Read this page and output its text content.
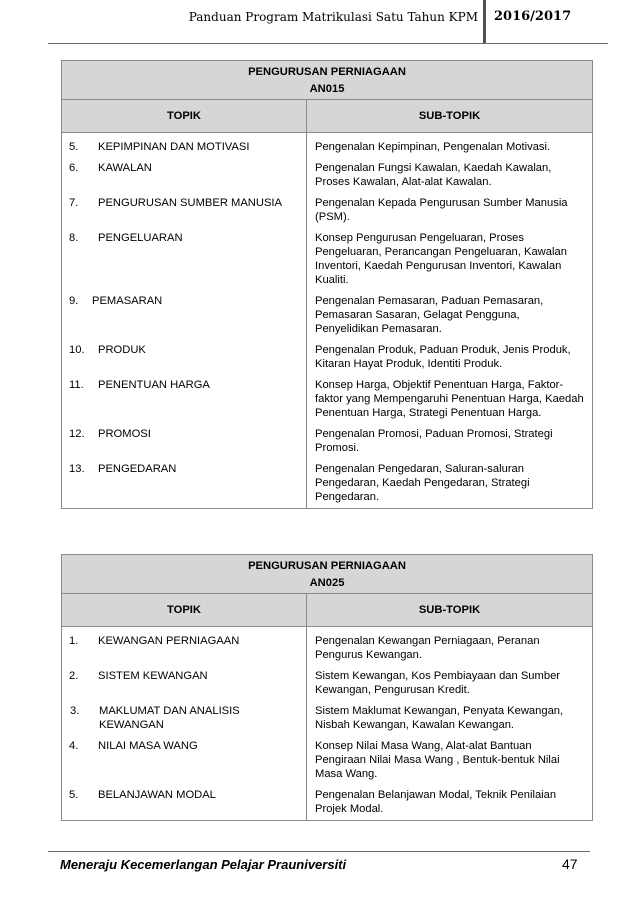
Panduan Program Matrikulasi Satu Tahun KPM 2016/2017
PENGURUSAN PERNIAGAAN	
AN015	
TOPIK	SUB-TOPIK
5. KEPIMPINAN DAN MOTIVASI	Pengenalan Kepimpinan, Pengenalan Motivasi.
6. KAWALAN	Pengenalan Fungsi Kawalan, Kaedah Kawalan, Proses Kawalan, Alat-alat Kawalan.
7. PENGURUSAN SUMBER MANUSIA	Pengenalan Kepada Pengurusan Sumber Manusia (PSM).
8. PENGELUARAN	Konsep Pengurusan Pengeluaran, Proses Pengeluaran, Perancangan Pengeluaran, Kawalan Inventori, Kaedah Pengurusan Inventori, Kawalan Kualiti.
9. PEMASARAN	Pengenalan Pemasaran, Paduan Pemasaran, Pemasaran Sasaran, Gelagat Pengguna, Penyelidikan Pemasaran.
10. PRODUK	Pengenalan Produk, Paduan Produk, Jenis Produk, Kitaran Hayat Produk, Identiti Produk.
11. PENENTUAN HARGA	Konsep Harga, Objektif Penentuan Harga, Faktor-faktor yang Mempengaruhi Penentuan Harga, Kaedah Penentuan Harga, Strategi Penentuan Harga.
12. PROMOSI	Pengenalan Promosi, Paduan Promosi, Strategi Promosi.
13. PENGEDARAN	Pengenalan Pengedaran, Saluran-saluran Pengedaran, Kaedah Pengedaran, Strategi Pengedaran.
PENGURUSAN PERNIAGAAN	
AN025	
TOPIK	SUB-TOPIK
1. KEWANGAN PERNIAGAAN	Pengenalan Kewangan Perniagaan, Peranan Pengurus Kewangan.
2. SISTEM KEWANGAN	Sistem Kewangan, Kos Pembiayaan dan Sumber Kewangan, Pengurusan Kredit.

3. MAKLUMAT DAN ANALISIS KEWANGAN	Sistem Maklumat Kewangan, Penyata Kewangan, Nisbah Kewangan, Kawalan Kewangan.
4. NILAI MASA WANG	Konsep Nilai Masa Wang, Alat-alat Bantuan Pengiraan Nilai Masa Wang , Bentuk-bentuk Nilai Masa Wang.
5. BELANJAWAN MODAL	Pengenalan Belanjawan Modal, Teknik Penilaian Projek Modal.
Meneraju Kecemerlangan Pelajar Prauniversiti	47
